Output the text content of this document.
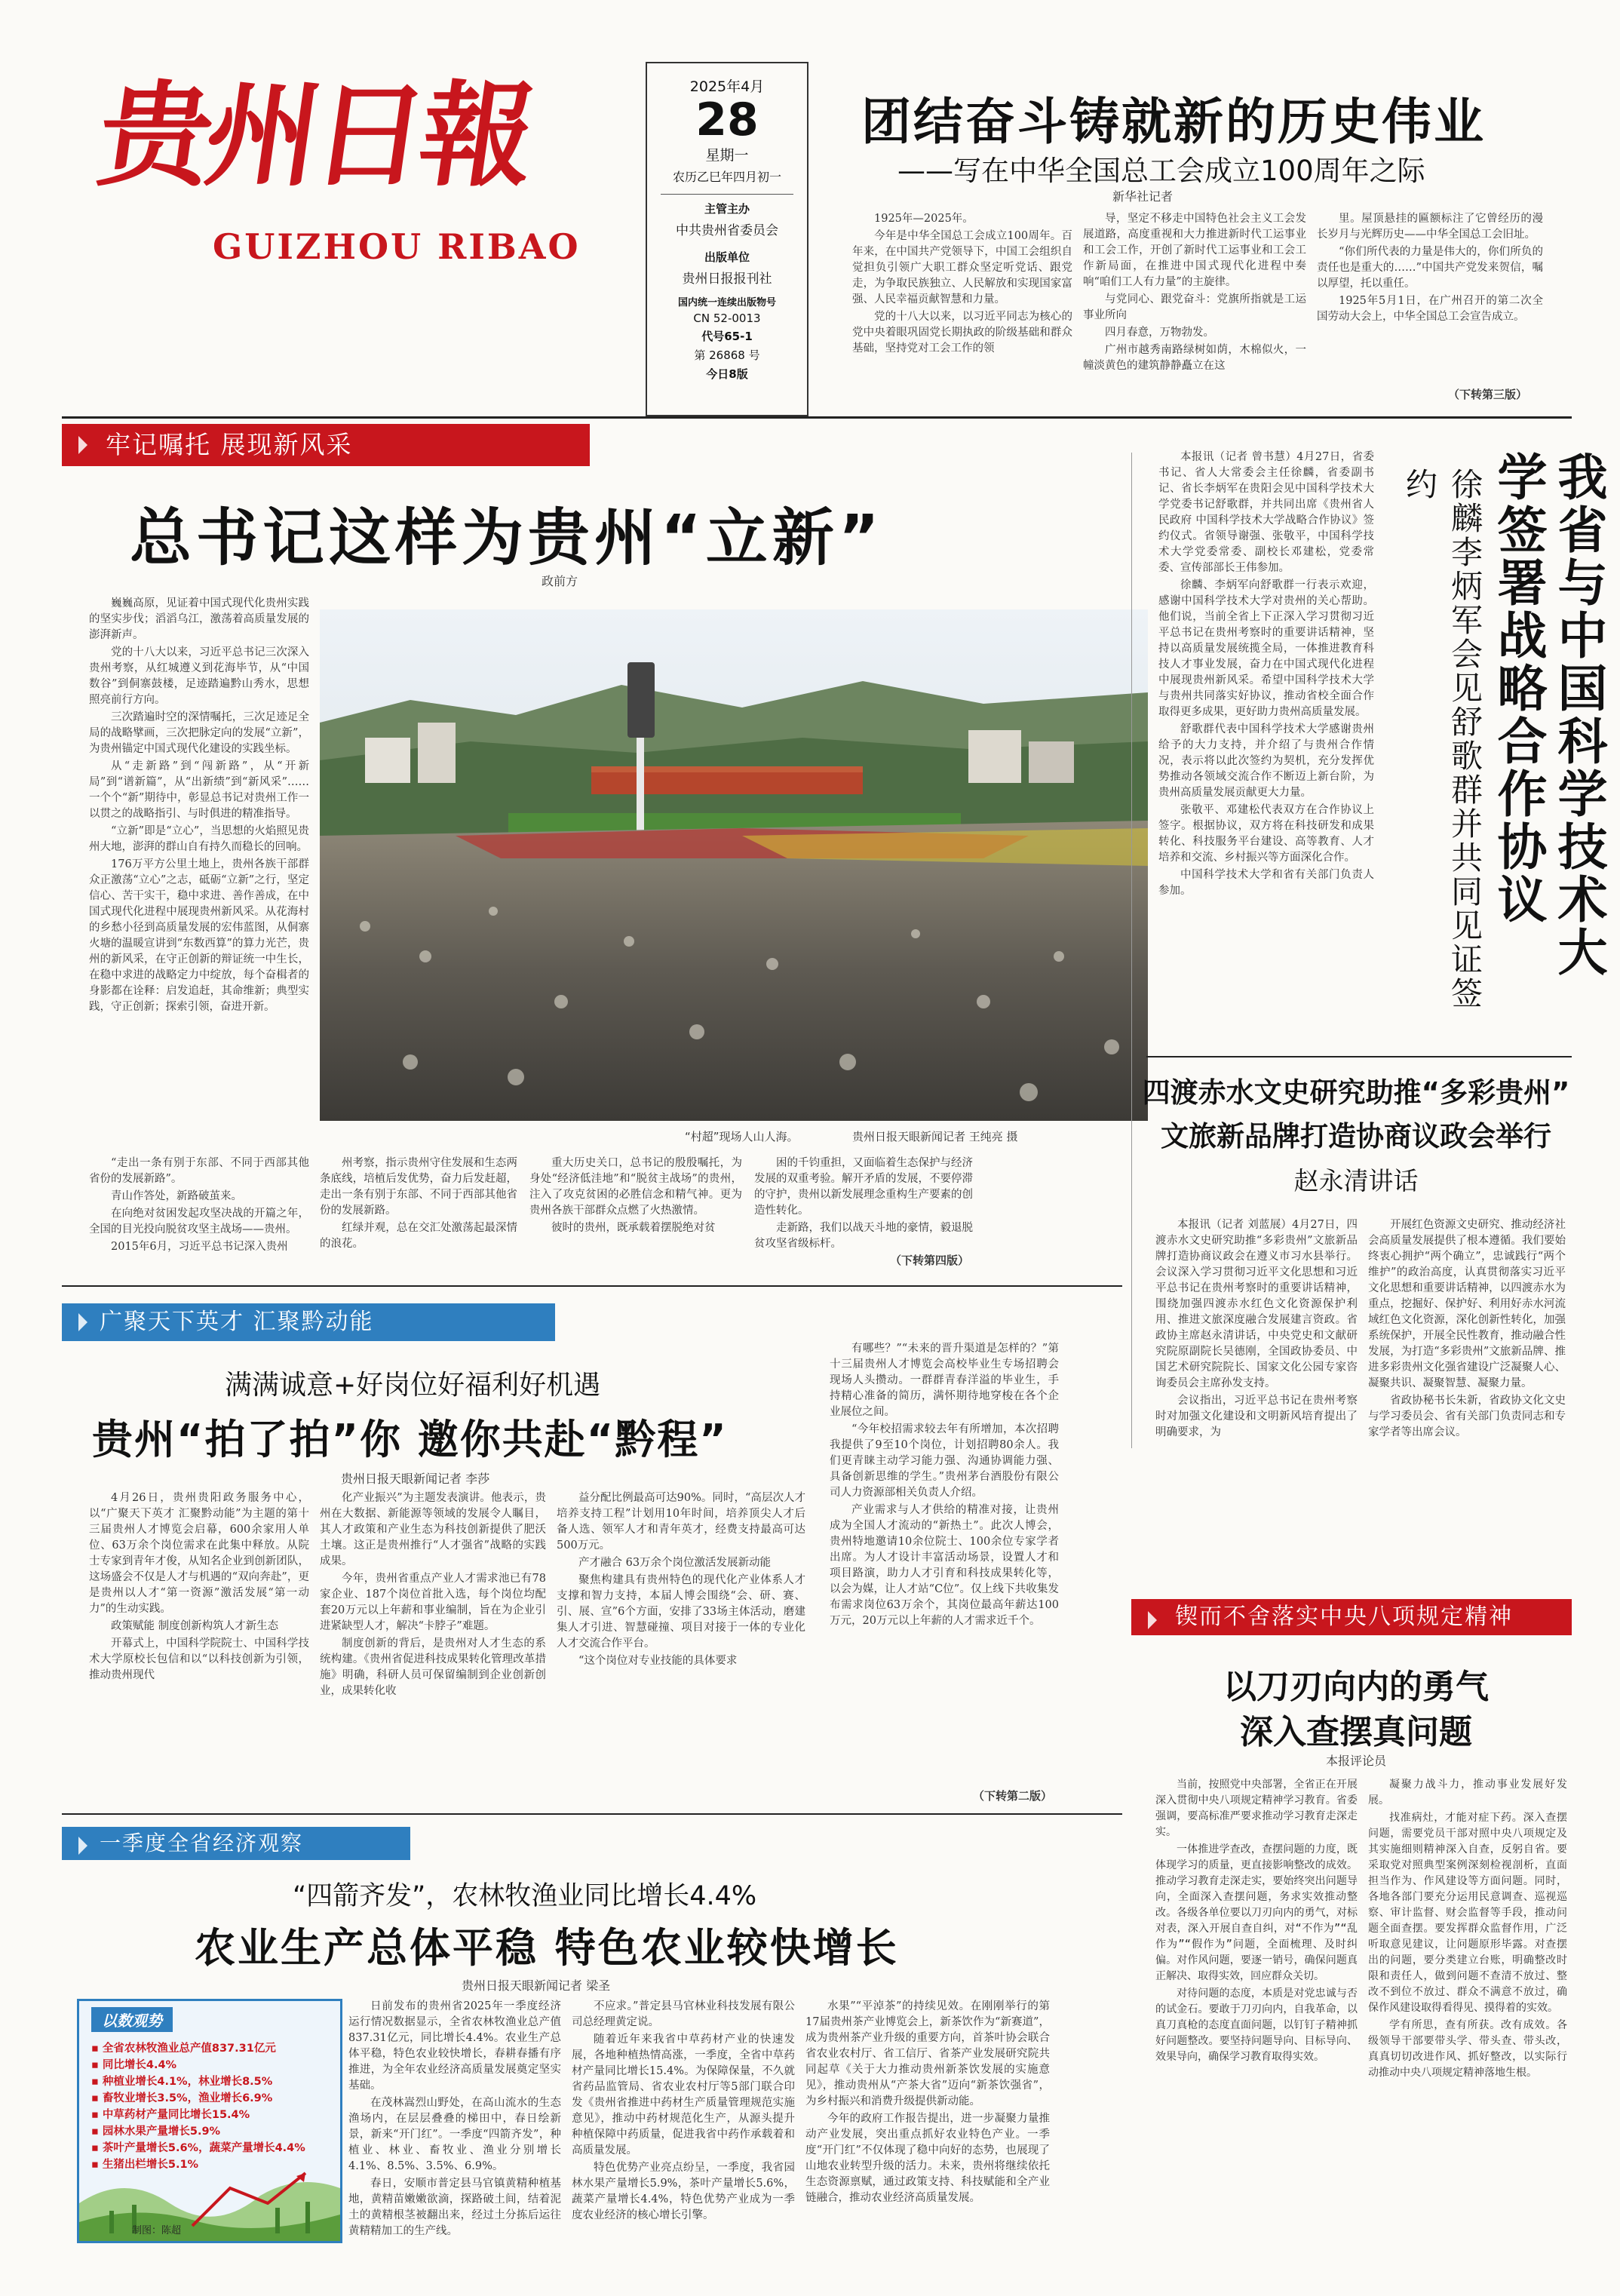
贵州日報
GUIZHOU RIBAO
2025年4月
28
星期一
农历乙巳年四月初一
主管主办
中共贵州省委员会
出版单位
贵州日报报刊社
国内统一连续出版物号
CN 52-0013
代号65-1
第 26868 号
今日8版
团结奋斗铸就新的历史伟业
——写在中华全国总工会成立100周年之际
新华社记者

1925年—2025年。

今年是中华全国总工会成立100周年。百年来，在中国共产党领导下，中国工会组织自觉担负引领广大职工群众坚定听党话、跟党走，为争取民族独立、人民解放和实现国家富强、人民幸福贡献智慧和力量。

党的十八大以来，以习近平同志为核心的党中央着眼巩固党长期执政的阶级基础和群众基础，坚持党对工会工作的领

导，坚定不移走中国特色社会主义工会发展道路，高度重视和大力推进新时代工运事业和工会工作，开创了新时代工运事业和工会工作新局面，在推进中国式现代化进程中奏响“咱们工人有力量”的主旋律。

与党同心、跟党奋斗：党旗所指就是工运事业所向

四月春意，万物勃发。

广州市越秀南路绿树如荫，木棉似火，一幢淡黄色的建筑静静矗立在这

里。屋顶悬挂的匾额标注了它曾经历的漫长岁月与光辉历史——中华全国总工会旧址。

“你们所代表的力量是伟大的，你们所负的责任也是重大的……”中国共产党发来贺信，嘱以厚望，托以重任。

1925年5月1日，在广州召开的第二次全国劳动大会上，中华全国总工会宣告成立。

（下转第三版）
牢记嘱托 展现新风采
总书记这样为贵州“立新”
政前方

巍巍高原，见证着中国式现代化贵州实践的坚实步伐；滔滔乌江，激荡着高质量发展的澎湃新声。

党的十八大以来，习近平总书记三次深入贵州考察，从红城遵义到花海毕节，从“中国数谷”到侗寨鼓楼，足迹踏遍黔山秀水，思想照亮前行方向。

三次踏遍时空的深情嘱托，三次足迹足全局的战略擘画，三次把脉定向的发展“立新”，为贵州锚定中国式现代化建设的实践坐标。

从“走新路”到“闯新路”，从“开新局”到“谱新篇”，从“出新绩”到“新风采”……一个个“新”期待中，彰显总书记对贵州工作一以贯之的战略指引、与时俱进的精准指导。

“立新”即是“立心”，当思想的火焰照见贵州大地，澎湃的群山自有持久而稳长的回响。

176万平方公里土地上，贵州各族干部群众正激荡“立心”之志，砥砺“立新”之行，坚定信心、苦干实干，稳中求进、善作善成，在中国式现代化进程中展现贵州新风采。从花海村的乡愁小径到高质量发展的宏伟蓝图，从侗寨火塘的温暖宣讲到“东数西算”的算力光芒，贵州的新风采，在守正创新的辩证统一中生长，在稳中求进的战略定力中绽放，每个奋楫者的身影都在诠释：启发追赶，其命维新；典型实践，守正创新；探索引领，奋进开新。

“村超”现场人山人海。	贵州日报天眼新闻记者 王纯亮 摄

“走出一条有别于东部、不同于西部其他省份的发展新路”。

青山作答处，新路破茧来。

在向绝对贫困发起攻坚决战的开篇之年，全国的目光投向脱贫攻坚主战场——贵州。

2015年6月，习近平总书记深入贵州

州考察，指示贵州守住发展和生态两条底线，培植后发优势，奋力后发赶超，走出一条有别于东部、不同于西部其他省份的发展新路。

红绿并观，总在交汇处激荡起最深情的浪花。

重大历史关口，总书记的殷殷嘱托，为身处“经济低洼地”和“脱贫主战场”的贵州，注入了攻克贫困的必胜信念和精气神。更为贵州各族干部群众点燃了火热激情。

彼时的贵州，既承载着摆脱绝对贫

困的千钧重担，又面临着生态保护与经济发展的双重考验。解开矛盾的发展，不要停滞的守护，贵州以新发展理念重构生产要素的创造性转化。

走新路，我们以战天斗地的豪情，毅退脱贫攻坚省级标杆。

（下转第四版）

本报讯（记者 曾书慧）4月27日，省委书记、省人大常委会主任徐麟，省委副书记、省长李炳军在贵阳会见中国科学技术大学党委书记舒歌群，并共同出席《贵州省人民政府 中国科学技术大学战略合作协议》签约仪式。省领导谢强、张敬平，中国科学技术大学党委常委、副校长邓建松，党委常委、宣传部部长王伟参加。

徐麟、李炳军向舒歌群一行表示欢迎，感谢中国科学技术大学对贵州的关心帮助。他们说，当前全省上下正深入学习贯彻习近平总书记在贵州考察时的重要讲话精神，坚持以高质量发展统揽全局，一体推进教育科技人才事业发展，奋力在中国式现代化进程中展现贵州新风采。希望中国科学技术大学与贵州共同落实好协议，推动省校全面合作取得更多成果，更好助力贵州高质量发展。

舒歌群代表中国科学技术大学感谢贵州给予的大力支持，并介绍了与贵州合作情况，表示将以此次签约为契机，充分发挥优势推动各领域交流合作不断迈上新台阶，为贵州高质量发展贡献更大力量。

张敬平、邓建松代表双方在合作协议上签字。根据协议，双方将在科技研发和成果转化、科技服务平台建设、高等教育、人才培养和交流、乡村振兴等方面深化合作。

中国科学技术大学和省有关部门负责人参加。	我省与中国科学技术大学签署战略合作协议
徐麟李炳军会见舒歌群并共同见证签约
四渡赤水文史研究助推“多彩贵州”
文旅新品牌打造协商议政会举行
赵永清讲话

本报讯（记者 刘蓝展）4月27日，四渡赤水文史研究助推“多彩贵州”文旅新品牌打造协商议政会在遵义市习水县举行。会议深入学习贯彻习近平文化思想和习近平总书记在贵州考察时的重要讲话精神，围绕加强四渡赤水红色文化资源保护利用、推进文旅深度融合发展建言资政。省政协主席赵永清讲话，中央党史和文献研究院原副院长吴德刚，全国政协委员、中国艺术研究院院长、国家文化公园专家咨询委员会主席孙发支持。

会议指出，习近平总书记在贵州考察时对加强文化建设和文明新风培育提出了明确要求，为

开展红色资源文史研究、推动经济社会高质量发展提供了根本遵循。我们要始终衷心拥护“两个确立”，忠诚践行“两个维护”的政治高度，认真贯彻落实习近平文化思想和重要讲话精神，以四渡赤水为重点，挖掘好、保护好、利用好赤水河流域红色文化资源，深化创新性转化，加强系统保护，开展全民性教育，推动融合性发展，为打造“多彩贵州”文旅新品牌、推进多彩贵州文化强省建设广泛凝聚人心、凝聚共识、凝聚智慧、凝聚力量。

省政协秘书长朱新，省政协文化文史与学习委员会、省有关部门负责同志和专家学者等出席会议。

锲而不舍落实中央八项规定精神
以刀刃向内的勇气
深入查摆真问题
本报评论员

当前，按照党中央部署，全省正在开展深入贯彻中央八项规定精神学习教育。省委强调，要高标准严要求推动学习教育走深走实。

一体推进学查改，查摆问题的力度，既体现学习的质量，更直接影响整改的成效。推动学习教育走深走实，要始终突出问题导向，全面深入查摆问题，务求实效推动整改。各级各单位要以刀刃向内的勇气，对标对表，深入开展自查自纠，对“不作为”“乱作为”“假作为”问题，全面梳理、及时纠偏。对作风问题，要逐一销号，确保问题真正解决、取得实效，回应群众关切。

对待问题的态度，本质是对党忠诚与否的试金石。要敢于刀刃向内，自我革命，以真刀真枪的态度直面问题，以钉钉子精神抓好问题整改。要坚持问题导向、目标导向、效果导向，确保学习教育取得实效。

凝聚力战斗力，推动事业发展好发展。

找准病灶，才能对症下药。深入查摆问题，需要党员干部对照中央八项规定及其实施细则精神深入自查，反躬自省。要采取党对照典型案例深刻检视剖析，直面担当作为、作风建设等方面问题。同时，各地各部门要充分运用民意调查、巡视巡察、审计监督、财会监督等手段，推动问题全面查摆。要发挥群众监督作用，广泛听取意见建议，让问题原形毕露。对查摆出的问题，要分类建立台账，明确整改时限和责任人，做到问题不查清不放过、整改不到位不放过、群众不满意不放过，确保作风建设取得看得见、摸得着的实效。

学有所思，查有所获。改有成效。各级领导干部要带头学、带头查、带头改，真真切切改进作风、抓好整改，以实际行动推动中央八项规定精神落地生根。

广聚天下英才 汇聚黔动能
满满诚意+好岗位好福利好机遇
贵州“拍了拍”你 邀你共赴“黔程”
贵州日报天眼新闻记者 李莎

4月26日，贵州贵阳政务服务中心，以“广聚天下英才 汇聚黔动能”为主题的第十三届贵州人才博览会启幕，600余家用人单位、63万余个岗位需求在此集中释放。从院士专家到青年才俊，从知名企业到创新团队，这场盛会不仅是人才与机遇的“双向奔赴”，更是贵州以人才“第一资源”激活发展“第一动力”的生动实践。

政策赋能 制度创新构筑人才新生态

开幕式上，中国科学院院士、中国科学技术大学原校长包信和以“以科技创新为引领，推动贵州现代

化产业振兴”为主题发表演讲。他表示，贵州在大数据、新能源等领域的发展令人瞩目，其人才政策和产业生态为科技创新提供了肥沃土壤。这正是贵州推行“人才强省”战略的实践成果。

今年，贵州省重点产业人才需求池已有78家企业、187个岗位首批入选，每个岗位均配套20万元以上年薪和事业编制，旨在为企业引进紧缺型人才，解决“卡脖子”难题。

制度创新的背后，是贵州对人才生态的系统构建。《贵州省促进科技成果转化管理改革措施》明确，科研人员可保留编制到企业创新创业，成果转化收

益分配比例最高可达90%。同时，“高层次人才培养支持工程”计划用10年时间，培养顶尖人才后备人选、领军人才和青年英才，经费支持最高可达500万元。

产才融合 63万余个岗位激活发展新动能

聚焦构建具有贵州特色的现代化产业体系人才支撑和智力支持，本届人博会围绕“会、研、赛、引、展、宣”6个方面，安排了33场主体活动，磨建集人才引进、智慧碰撞、项目对接于一体的专业化人才交流合作平台。

“这个岗位对专业技能的具体要求

有哪些？”“未来的晋升渠道是怎样的？”第十三届贵州人才博览会高校毕业生专场招聘会现场人头攒动。一群群青春洋溢的毕业生，手持精心准备的简历，满怀期待地穿梭在各个企业展位之间。

“今年校招需求较去年有所增加，本次招聘我提供了9至10个岗位，计划招聘80余人。我们更青睐主动学习能力强、沟通协调能力强、具备创新思维的学生。”贵州茅台酒股份有限公司人力资源部相关负责人介绍。

产业需求与人才供给的精准对接，让贵州成为全国人才流动的“新热土”。此次人博会，贵州特地邀请10余位院士、100余位专家学者出席。为人才设计丰富活动场景，设置人才和项目路演，助力人才引育和科技成果转化等，以会为媒，让人才站“C位”。仅上线下共收集发布需求岗位63万余个，其岗位最高年薪达100万元，20万元以上年薪的人才需求近千个。

（下转第二版）
一季度全省经济观察
“四箭齐发”，农林牧渔业同比增长4.4%
农业生产总体平稳 特色农业较快增长
贵州日报天眼新闻记者 梁圣
以数观势
▪ 全省农林牧渔业总产值837.31亿元
▪ 同比增长4.4%
▪ 种植业增长4.1%，林业增长8.5%
▪ 畜牧业增长3.5%，渔业增长6.9%
▪ 中草药材产量同比增长15.4%
▪ 园林水果产量增长5.9%
▪ 茶叶产量增长5.6%，蔬菜产量增长4.4%
▪ 生猪出栏增长5.1%
制图：陈超

日前发布的贵州省2025年一季度经济运行情况数据显示，全省农林牧渔业总产值837.31亿元，同比增长4.4%。农业生产总体平稳，特色农业较快增长，春耕春播有序推进，为全年农业经济高质量发展奠定坚实基础。

在茂林嵩烈山野处，在高山流水的生态渔场内，在层层叠叠的梯田中，春日绘新景，新来“开门红”。一季度“四箭齐发”，种植业、林业、畜牧业、渔业分别增长4.1%、8.5%、3.5%、6.9%。

春日，安顺市普定县马官镇黄精种植基地，黄精苗嫩嫩欲滴，探路破土间，结着泥土的黄精根茎被翻出来，经过土分拣后运往黄精精加工的生产线。

不应求。”普定县马官林业科技发展有限公司总经理黄定说。

随着近年来我省中草药材产业的快速发展，各地种植热情高涨，一季度，全省中草药材产量同比增长15.4%。为保障保量，不久就省药品监管局、省农业农村厅等5部门联合印发《贵州省推进中药材生产质量管理规范实施意见》，推动中药材规范化生产，从源头提升种植保障中药质量，促进我省中药作承载着和高质量发展。

特色优势产业亮点纷呈，一季度，我省园林水果产量增长5.9%，茶叶产量增长5.6%，蔬菜产量增长4.4%，特色优势产业成为一季度农业经济的核心增长引擎。

水果”“平淖茶”的持续见效。在刚刚举行的第17届贵州茶产业博览会上，新茶饮作为“新赛道”，成为贵州茶产业升级的重要方向，首茶叶协会联合省农业农村厅、省工信厅、省茶产业发展研究院共同起草《关于大力推动贵州新茶饮发展的实施意见》，推动贵州从“产茶大省”迈向“新茶饮强省”，为乡村振兴和消费升级提供新动能。

今年的政府工作报告提出，进一步凝聚力量推动产业发展，突出重点抓好农业特色产业。一季度“开门红”不仅体现了稳中向好的态势，也展现了山地农业转型升级的活力。未来，贵州将继续依托生态资源禀赋，通过政策支持、科技赋能和全产业链融合，推动农业经济高质量发展。
